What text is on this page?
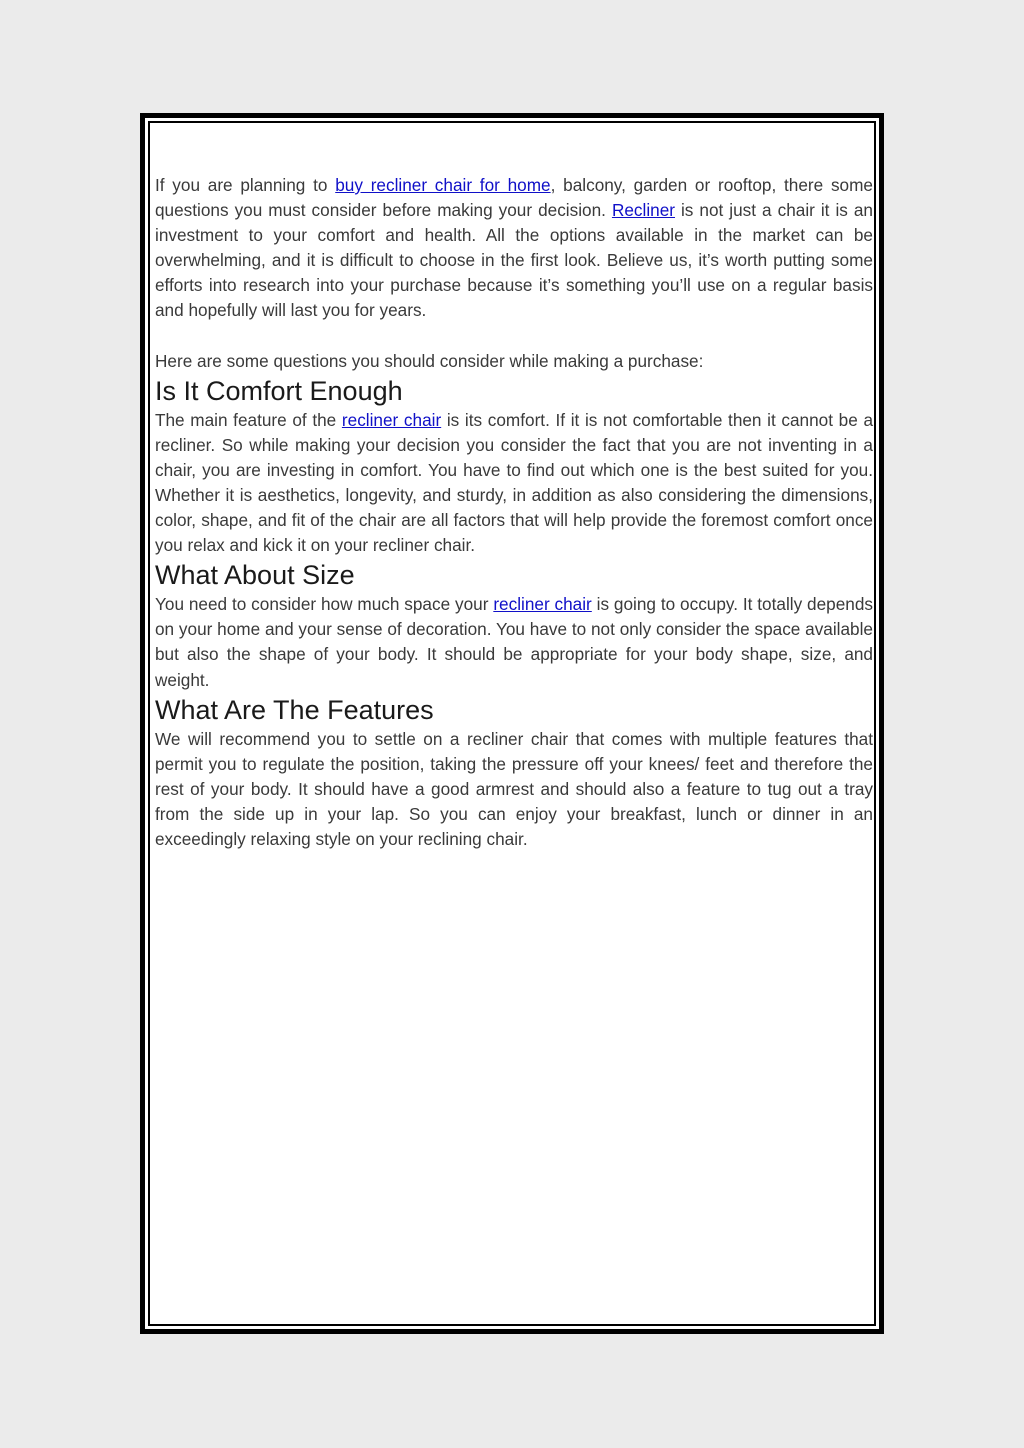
If you are planning to buy recliner chair for home, balcony, garden or rooftop, there some questions you must consider before making your decision. Recliner is not just a chair it is an investment to your comfort and health. All the options available in the market can be overwhelming, and it is difficult to choose in the first look. Believe us, it’s worth putting some efforts into research into your purchase because it’s something you’ll use on a regular basis and hopefully will last you for years.

Here are some questions you should consider while making a purchase:

Is It Comfort Enough

The main feature of the recliner chair is its comfort. If it is not comfortable then it cannot be a recliner. So while making your decision you consider the fact that you are not inventing in a chair, you are investing in comfort. You have to find out which one is the best suited for you. Whether it is aesthetics, longevity, and sturdy, in addition as also considering the dimensions, color, shape, and fit of the chair are all factors that will help provide the foremost comfort once you relax and kick it on your recliner chair.

What About Size

You need to consider how much space your recliner chair is going to occupy. It totally depends on your home and your sense of decoration. You have to not only consider the space available but also the shape of your body. It should be appropriate for your body shape, size, and weight.

What Are The Features

We will recommend you to settle on a recliner chair that comes with multiple features that permit you to regulate the position, taking the pressure off your knees/ feet and therefore the rest of your body. It should have a good armrest and should also a feature to tug out a tray from the side up in your lap. So you can enjoy your breakfast, lunch or dinner in an exceedingly relaxing style on your reclining chair.
